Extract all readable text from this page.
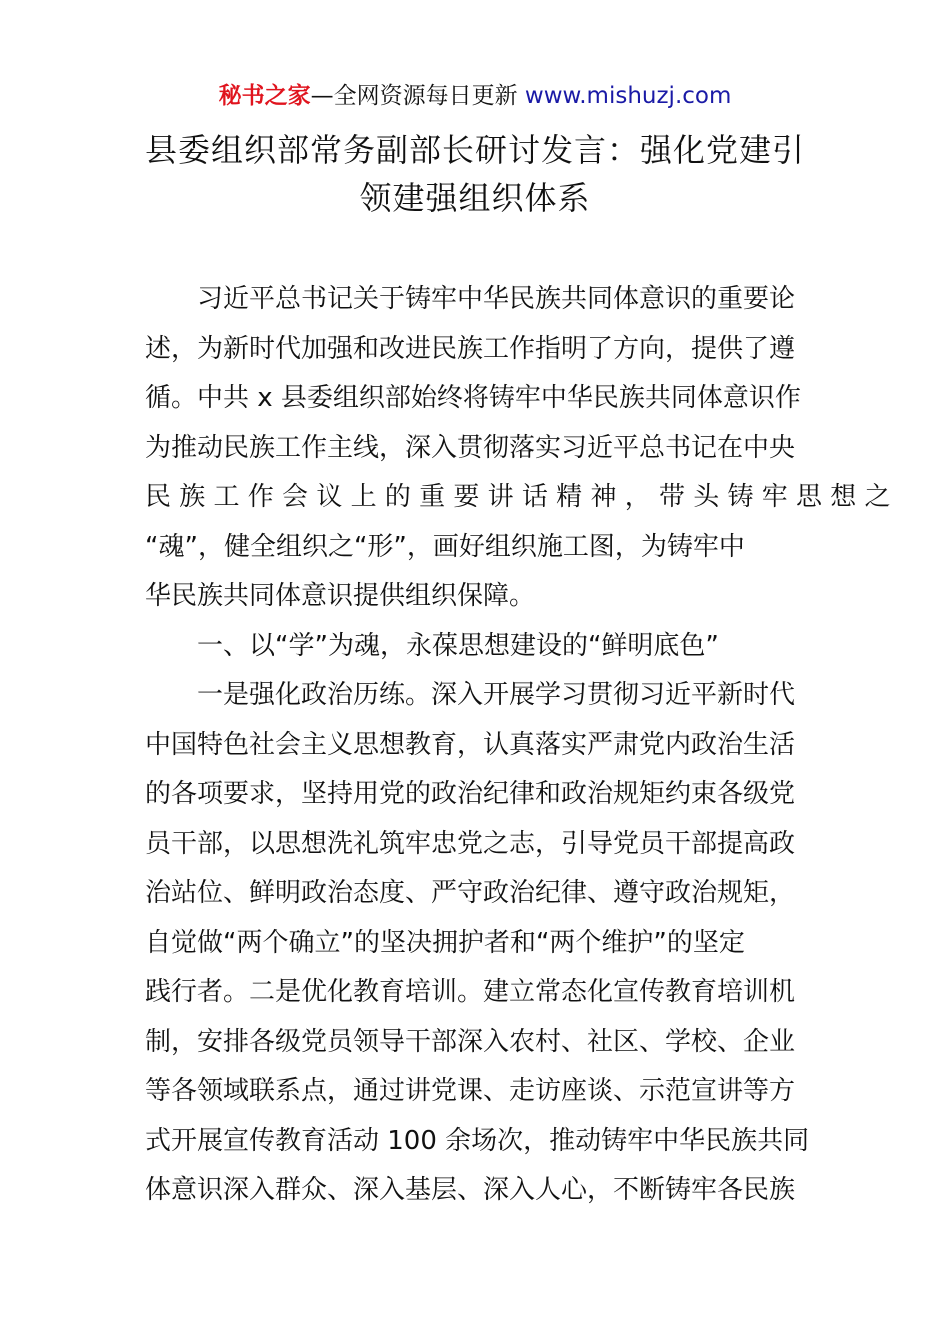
秘书之家—全网资源每日更新 www.mishuzj.com
县委组织部常务副部长研讨发言：强化党建引
领建强组织体系
　　习近平总书记关于铸牢中华民族共同体意识的重要论
述，为新时代加强和改进民族工作指明了方向，提供了遵
循。中共 x 县委组织部始终将铸牢中华民族共同体意识作
为推动民族工作主线，深入贯彻落实习近平总书记在中央
民 族 工 作 会 议 上 的 重 要 讲 话 精 神 ， 带 头 铸 牢 思 想 之
“魂”，健全组织之“形”，画好组织施工图，为铸牢中
华民族共同体意识提供组织保障。
　　一、以“学”为魂，永葆思想建设的“鲜明底色”
　　一是强化政治历练。深入开展学习贯彻习近平新时代
中国特色社会主义思想教育，认真落实严肃党内政治生活
的各项要求，坚持用党的政治纪律和政治规矩约束各级党
员干部，以思想洗礼筑牢忠党之志，引导党员干部提高政
治站位、鲜明政治态度、严守政治纪律、遵守政治规矩，
自觉做“两个确立”的坚决拥护者和“两个维护”的坚定
践行者。二是优化教育培训。建立常态化宣传教育培训机
制，安排各级党员领导干部深入农村、社区、学校、企业
等各领域联系点，通过讲党课、走访座谈、示范宣讲等方
式开展宣传教育活动 100 余场次，推动铸牢中华民族共同
体意识深入群众、深入基层、深入人心，不断铸牢各民族
